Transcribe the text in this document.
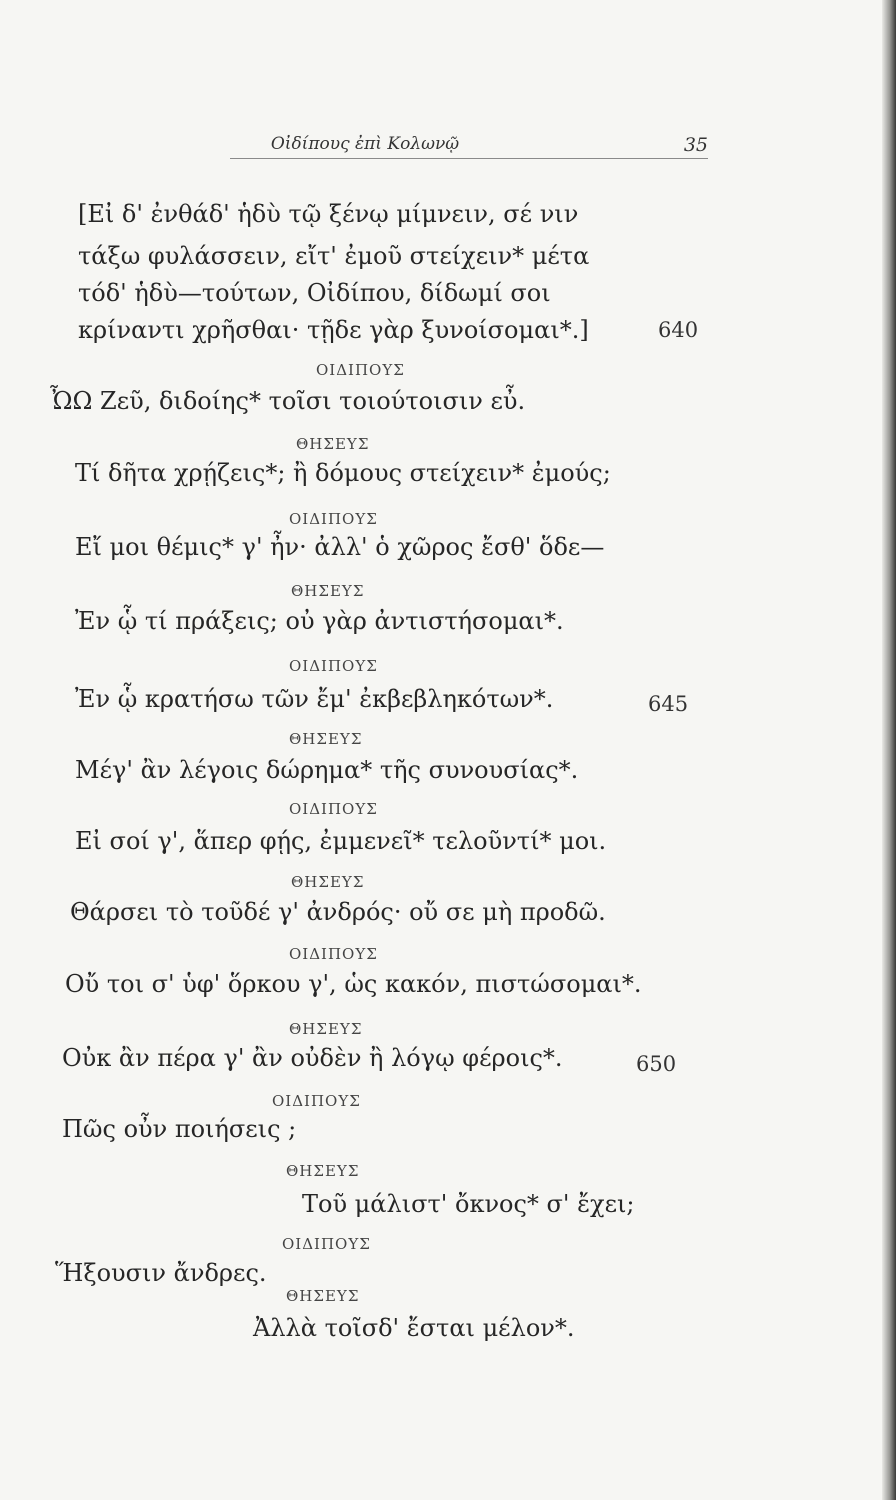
Οἰδίπους ἐπὶ Κολωνῷ	35
[Εἰ δ' ἐνθάδ' ἡδὺ τῷ ξένῳ μίμνειν, σέ νιν
τάξω φυλάσσειν, εἴτ' ἐμοῦ στείχειν* μέτα
τόδ' ἡδὺ—τούτων, Οἰδίπου, δίδωμί σοι
κρίναντι χρῆσθαι· τῇδε γὰρ ξυνοίσομαι*.]	640
ΟΙΔΙΠΟΥΣ
ὮΩ Ζεῦ, διδοίης* τοῖσι τοιούτοισιν εὖ.
ΘΗΣΕΥΣ
Τί δῆτα χρῄζεις*; ἢ δόμους στείχειν* ἐμούς;
ΟΙΔΙΠΟΥΣ
Εἴ μοι θέμις* γ' ἦν· ἀλλ' ὁ χῶρος ἔσθ' ὅδε—
ΘΗΣΕΥΣ
Ἐν ᾧ τί πράξεις; οὐ γὰρ ἀντιστήσομαι*.
ΟΙΔΙΠΟΥΣ
Ἐν ᾧ κρατήσω τῶν ἔμ' ἐκβεβληκότων*.	645
ΘΗΣΕΥΣ
Μέγ' ἂν λέγοις δώρημα* τῆς συνουσίας*.
ΟΙΔΙΠΟΥΣ
Εἰ σοί γ', ἅπερ φῄς, ἐμμενεῖ* τελοῦντί* μοι.
ΘΗΣΕΥΣ
Θάρσει τὸ τοῦδέ γ' ἀνδρός· οὔ σε μὴ προδῶ.
ΟΙΔΙΠΟΥΣ
Οὔ τοι σ' ὑφ' ὅρκου γ', ὡς κακόν, πιστώσομαι*.
ΘΗΣΕΥΣ
Οὐκ ἂν πέρα γ' ἂν οὐδὲν ἢ λόγῳ φέροις*.	650
ΟΙΔΙΠΟΥΣ
Πῶς οὖν ποιήσεις ;
ΘΗΣΕΥΣ
Τοῦ μάλιστ' ὄκνος* σ' ἔχει;
ΟΙΔΙΠΟΥΣ
Ἥξουσιν ἄνδρες.
ΘΗΣΕΥΣ
Ἀλλὰ τοῖσδ' ἔσται μέλον*.
